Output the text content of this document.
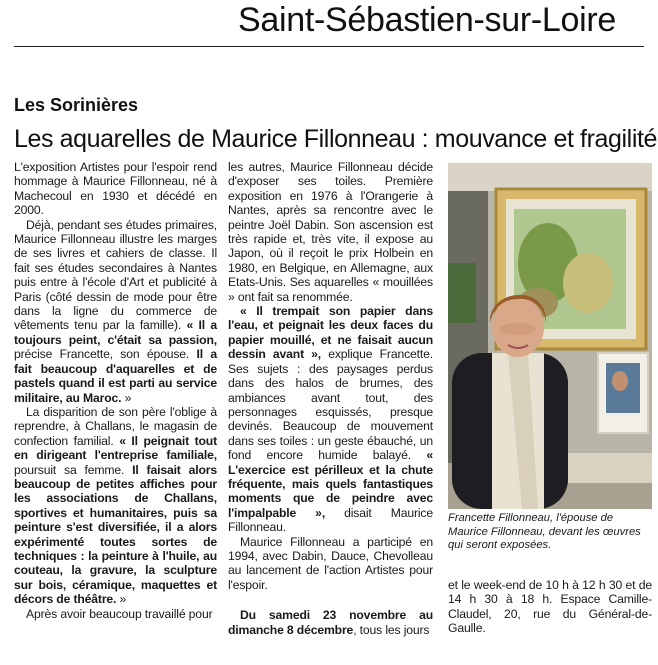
Saint-Sébastien-sur-Loire
Les Sorinières
Les aquarelles de Maurice Fillonneau : mouvance et fragilité

L'exposition Artistes pour l'espoir rend hommage à Maurice Fillonneau, né à Machecoul en 1930 et décédé en 2000.

Déjà, pendant ses études primaires, Maurice Fillonneau illustre les marges de ses livres et cahiers de classe. Il fait ses études secondaires à Nantes puis entre à l'école d'Art et publicité à Paris (côté dessin de mode pour être dans la ligne du commerce de vêtements tenu par la famille). « Il a toujours peint, c'était sa passion, précise Francette, son épouse. Il a fait beaucoup d'aquarelles et de pastels quand il est parti au service militaire, au Maroc. »

La disparition de son père l'oblige à reprendre, à Challans, le magasin de confection familial. « Il peignait tout en dirigeant l'entreprise familiale, poursuit sa femme. Il faisait alors beaucoup de petites affiches pour les associations de Challans, sportives et humanitaires, puis sa peinture s'est diversifiée, il a alors expérimenté toutes sortes de techniques : la peinture à l'huile, au couteau, la gravure, la sculpture sur bois, céramique, maquettes et décors de théâtre. »

Après avoir beaucoup travaillé pour

les autres, Maurice Fillonneau décide d'exposer ses toiles. Première exposition en 1976 à l'Orangerie à Nantes, après sa rencontre avec le peintre Joël Dabin. Son ascension est très rapide et, très vite, il expose au Japon, où il reçoit le prix Holbein en 1980, en Belgique, en Allemagne, aux Etats-Unis. Ses aquarelles « mouillées » ont fait sa renommée.

« Il trempait son papier dans l'eau, et peignait les deux faces du papier mouillé, et ne faisait aucun dessin avant », explique Francette. Ses sujets : des paysages perdus dans des halos de brumes, des ambiances avant tout, des personnages esquissés, presque devinés. Beaucoup de mouvement dans ses toiles : un geste ébauché, un fond encore humide balayé. « L'exercice est périlleux et la chute fréquente, mais quels fantastiques moments que de peindre avec l'impalpable », disait Maurice Fillonneau.

Maurice Fillonneau a participé en 1994, avec Dabin, Dauce, Chevolleau au lancement de l'action Artistes pour l'espoir.

Du samedi 23 novembre au dimanche 8 décembre, tous les jours

Francette Fillonneau, l'épouse de Maurice Fillonneau, devant les œuvres qui seront exposées.

et le week-end de 10 h à 12 h 30 et de 14 h 30 à 18 h. Espace Camille-Claudel, 20, rue du Général-de-Gaulle.
